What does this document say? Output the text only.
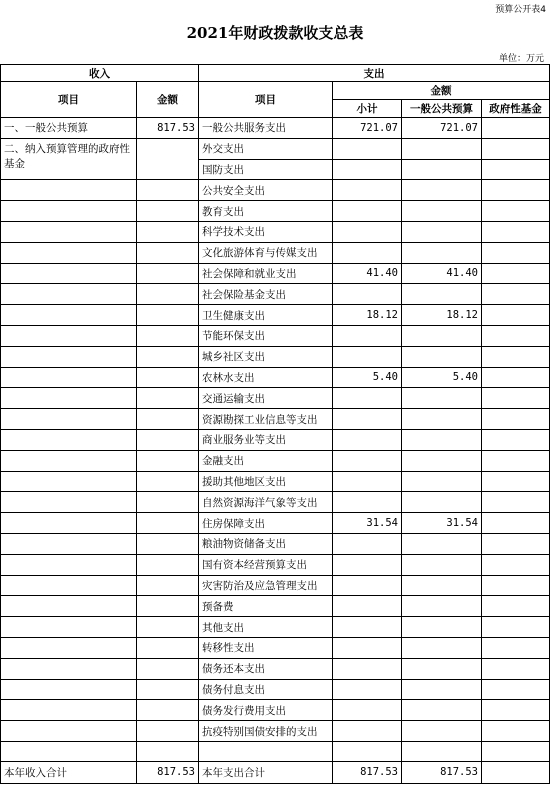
预算公开表4
2021年财政拨款收支总表
单位：万元
收入		支出			
项目	金额	项目	金额		
			小计	一般公共预算	政府性基金
一、一般公共预算	817.53	一般公共服务支出	721.07	721.07	
二、纳入预算管理的政府性基金		外交支出			
		国防支出			
		公共安全支出			
		教育支出			
		科学技术支出			
		文化旅游体育与传媒支出			
		社会保障和就业支出	41.40	41.40	
		社会保险基金支出			
		卫生健康支出	18.12	18.12	
		节能环保支出			
		城乡社区支出			
		农林水支出	5.40	5.40	
		交通运输支出			
		资源勘探工业信息等支出			
		商业服务业等支出			
		金融支出			
		援助其他地区支出			
		自然资源海洋气象等支出			
		住房保障支出	31.54	31.54	
		粮油物资储备支出			
		国有资本经营预算支出			
		灾害防治及应急管理支出			
		预备费			
		其他支出			
		转移性支出			
		债务还本支出			
		债务付息支出			
		债务发行费用支出			
		抗疫特别国债安排的支出			

本年收入合计	817.53	本年支出合计	817.53	817.53	
